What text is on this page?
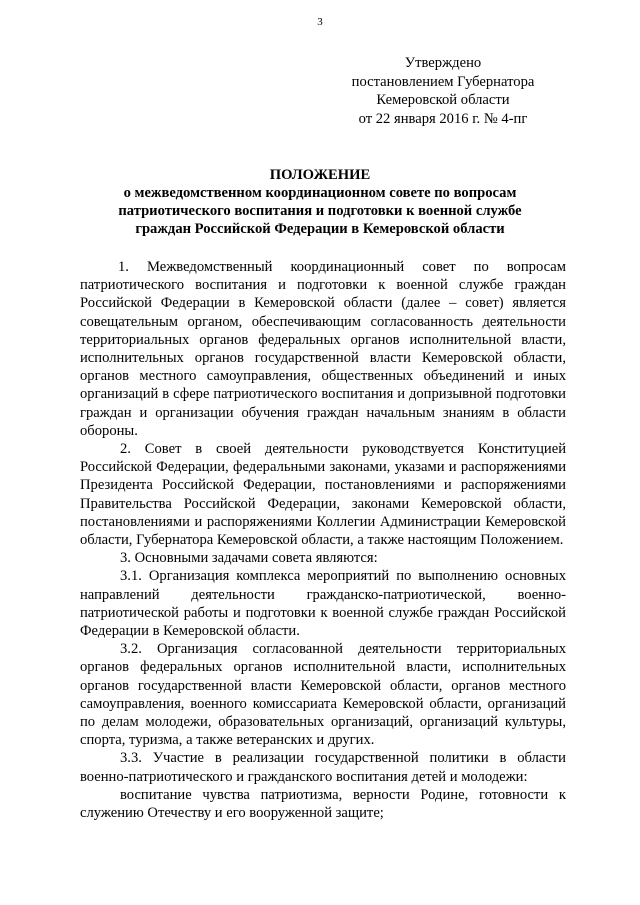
3
Утверждено
постановлением Губернатора
Кемеровской области
от 22 января 2016 г. № 4-пг
ПОЛОЖЕНИЕ
о межведомственном координационном совете по вопросам
патриотического воспитания и подготовки к военной службе
граждан Российской Федерации в Кемеровской области

1. Межведомственный координационный совет по вопросам патриотического воспитания и подготовки к военной службе граждан Российской Федерации в Кемеровской области (далее – совет) является совещательным органом, обеспечивающим согласованность деятельности территориальных органов федеральных органов исполнительной власти, исполнительных органов государственной власти Кемеровской области, органов местного самоуправления, общественных объединений и иных организаций в сфере патриотического воспитания и допризывной подготовки граждан и организации обучения граждан начальным знаниям в области обороны.

2. Совет в своей деятельности руководствуется Конституцией Российской Федерации, федеральными законами, указами и распоряжениями Президента Российской Федерации, постановлениями и распоряжениями Правительства Российской Федерации, законами Кемеровской области, постановлениями и распоряжениями Коллегии Администрации Кемеровской области, Губернатора Кемеровской области, а также настоящим Положением.

3. Основными задачами совета являются:

3.1. Организация комплекса мероприятий по выполнению основных направлений деятельности гражданско-патриотической, военно-патриотической работы и подготовки к военной службе граждан Российской Федерации в Кемеровской области.

3.2. Организация согласованной деятельности территориальных органов федеральных органов исполнительной власти, исполнительных органов государственной власти Кемеровской области, органов местного самоуправления, военного комиссариата Кемеровской области, организаций по делам молодежи, образовательных организаций, организаций культуры, спорта, туризма, а также ветеранских и других.

3.3. Участие в реализации государственной политики в области военно-патриотического и гражданского воспитания детей и молодежи:

воспитание чувства патриотизма, верности Родине, готовности к служению Отечеству и его вооруженной защите;
